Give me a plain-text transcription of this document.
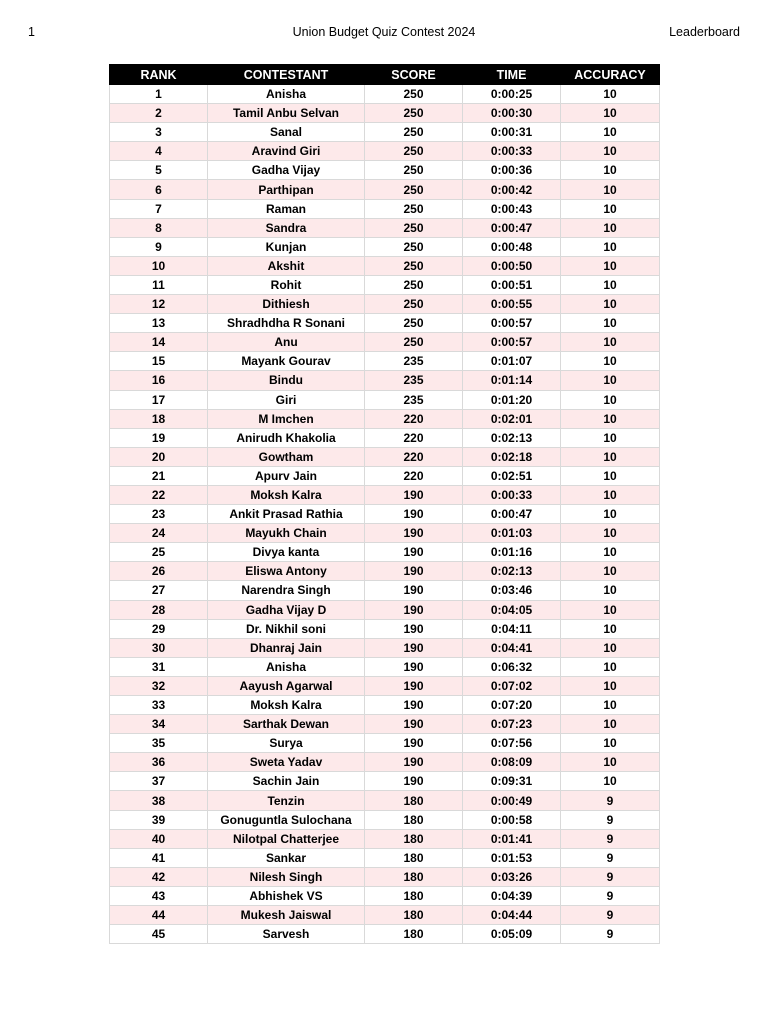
1	Union Budget Quiz Contest 2024	Leaderboard
RANK	CONTESTANT	SCORE	TIME	ACCURACY
1	Anisha	250	0:00:25	10
2	Tamil Anbu Selvan	250	0:00:30	10
3	Sanal	250	0:00:31	10
4	Aravind Giri	250	0:00:33	10
5	Gadha Vijay	250	0:00:36	10
6	Parthipan	250	0:00:42	10
7	Raman	250	0:00:43	10
8	Sandra	250	0:00:47	10
9	Kunjan	250	0:00:48	10
10	Akshit	250	0:00:50	10
11	Rohit	250	0:00:51	10
12	Dithiesh	250	0:00:55	10
13	Shradhdha R Sonani	250	0:00:57	10
14	Anu	250	0:00:57	10
15	Mayank Gourav	235	0:01:07	10
16	Bindu	235	0:01:14	10
17	Giri	235	0:01:20	10
18	M Imchen	220	0:02:01	10
19	Anirudh Khakolia	220	0:02:13	10
20	Gowtham	220	0:02:18	10
21	Apurv Jain	220	0:02:51	10
22	Moksh Kalra	190	0:00:33	10
23	Ankit Prasad Rathia	190	0:00:47	10
24	Mayukh Chain	190	0:01:03	10
25	Divya kanta	190	0:01:16	10
26	Eliswa Antony	190	0:02:13	10
27	Narendra Singh	190	0:03:46	10
28	Gadha Vijay D	190	0:04:05	10
29	Dr. Nikhil soni	190	0:04:11	10
30	Dhanraj Jain	190	0:04:41	10
31	Anisha	190	0:06:32	10
32	Aayush Agarwal	190	0:07:02	10
33	Moksh Kalra	190	0:07:20	10
34	Sarthak Dewan	190	0:07:23	10
35	Surya	190	0:07:56	10
36	Sweta Yadav	190	0:08:09	10
37	Sachin Jain	190	0:09:31	10
38	Tenzin	180	0:00:49	9
39	Gonuguntla Sulochana	180	0:00:58	9
40	Nilotpal Chatterjee	180	0:01:41	9
41	Sankar	180	0:01:53	9
42	Nilesh Singh	180	0:03:26	9
43	Abhishek VS	180	0:04:39	9
44	Mukesh Jaiswal	180	0:04:44	9
45	Sarvesh	180	0:05:09	9
